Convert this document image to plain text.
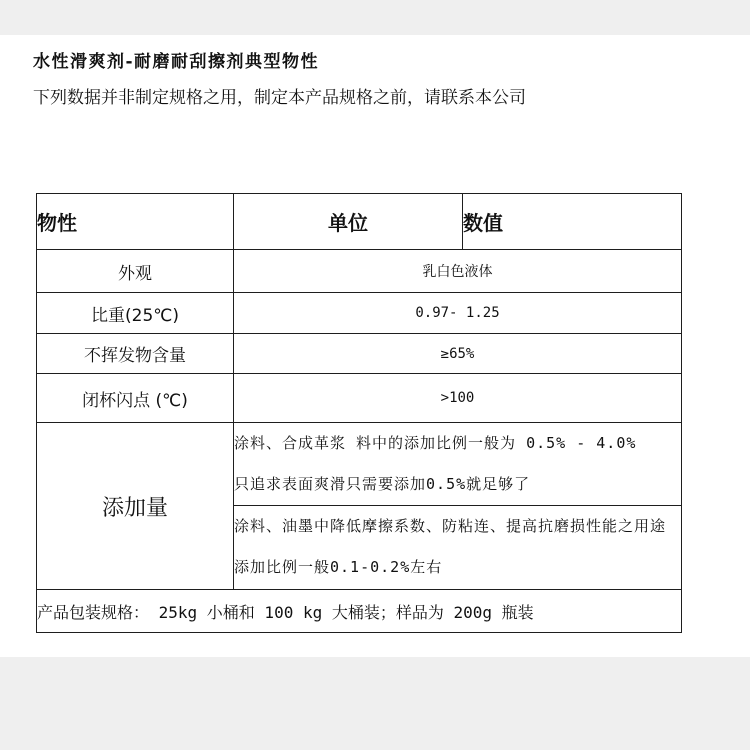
水性滑爽剂-耐磨耐刮擦剂典型物性
下列数据并非制定规格之用，制定本产品规格之前，请联系本公司
物性	单位	数值
外观	乳白色液体	
比重(25℃)	0.97- 1.25	
不挥发物含量	≥65%	
闭杯闪点 (℃)	>100	
添加量	涂料、合成革浆 料中的添加比例一般为 0.5% - 4.0%
只追求表面爽滑只需要添加0.5%就足够了	

	涂料、油墨中降低摩擦系数、防粘连、提高抗磨损性能之用途
添加比例一般0.1-0.2%左右	

产品包装规格： 25kg 小桶和 100 kg 大桶装；样品为 200g 瓶装		
